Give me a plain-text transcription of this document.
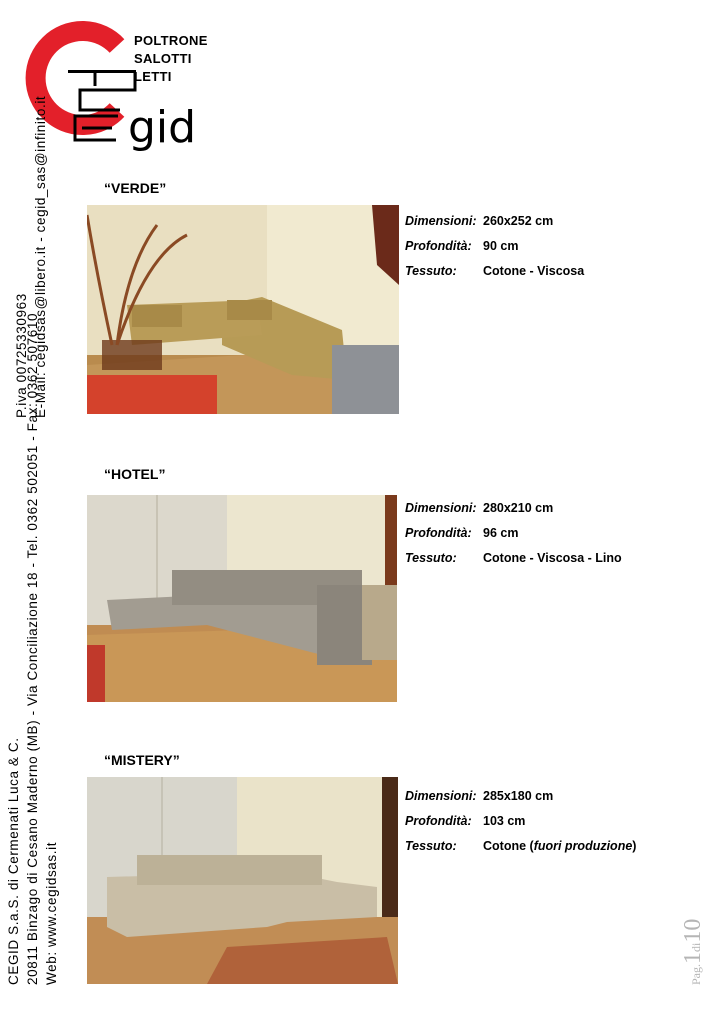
gid
POLTRONE
SALOTTI
LETTI
CEGID S.a.S. di Cermenati Luca & C. 20811 Binzago di Cesano Maderno (MB) - Via Conciliazione 18 - Tel. 0362 502051 - Fax: 0362 507610 Web: www.cegidsas.it
P.iva 00725330963 E-Mail: cegidsas@libero.it - cegid_sas@infinito.it	“VERDE”
Dimensioni: 260x252 cm
Profondità: 90 cm
Tessuto:	Cotone - Viscosa
“HOTEL”
Dimensioni: 280x210 cm
Profondità: 96 cm
Tessuto:	Cotone - Viscosa - Lino
“MISTERY”
Dimensioni: 285x180 cm
Profondità: 103 cm
Tessuto:	Cotone (fuori produzione)
Pag.1di10
